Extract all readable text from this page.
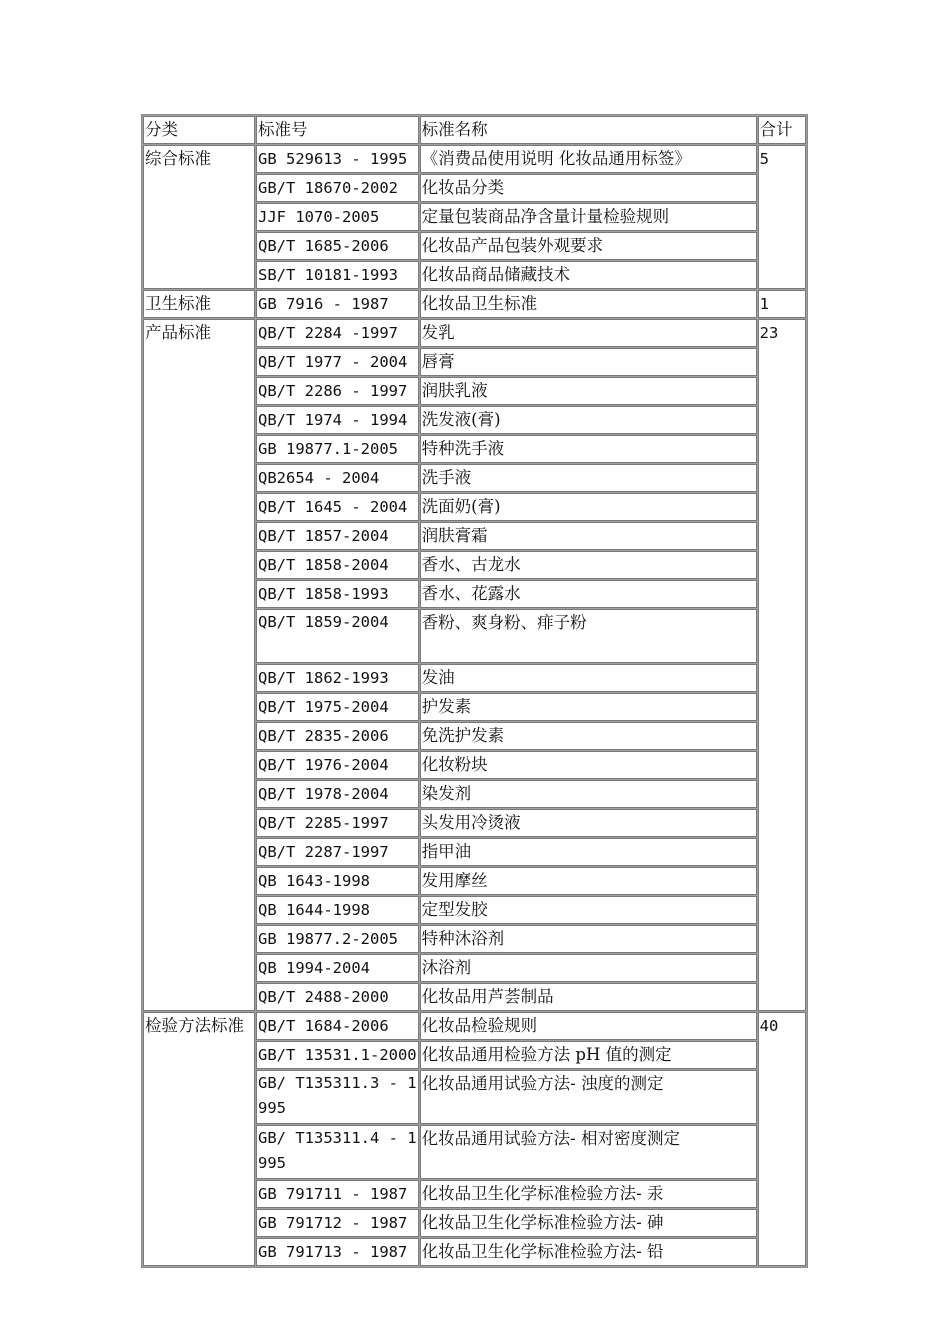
分类	标准号	标准名称	合计
综合标准	GB 529613 - 1995	《消费品使用说明 化妆品通用标签》	5
	GB/T 18670-2002	化妆品分类	
	JJF 1070-2005	定量包装商品净含量计量检验规则	
	QB/T 1685-2006	化妆品产品包装外观要求	
	SB/T 10181-1993	化妆品商品储藏技术	
卫生标准	GB 7916 - 1987	化妆品卫生标准	1
产品标准	QB/T 2284 -1997	发乳	23
	QB/T 1977 - 2004	唇膏	
	QB/T 2286 - 1997	润肤乳液	
	QB/T 1974 - 1994	洗发液(膏)	
	GB 19877.1-2005	特种洗手液	
	QB2654 - 2004	洗手液	
	QB/T 1645 - 2004	洗面奶(膏)	
	QB/T 1857-2004	润肤膏霜	
	QB/T 1858-2004	香水、古龙水	
	QB/T 1858-1993	香水、花露水	
	QB/T 1859-2004	香粉、爽身粉、痱子粉	
	QB/T 1862-1993	发油	
	QB/T 1975-2004	护发素	
	QB/T 2835-2006	免洗护发素	
	QB/T 1976-2004	化妆粉块	
	QB/T 1978-2004	染发剂	
	QB/T 2285-1997	头发用冷烫液	
	QB/T 2287-1997	指甲油	
	QB 1643-1998	发用摩丝	
	QB 1644-1998	定型发胶	
	GB 19877.2-2005	特种沐浴剂	
	QB 1994-2004	沐浴剂	
	QB/T 2488-2000	化妆品用芦荟制品	
检验方法标准	QB/T 1684-2006	化妆品检验规则	40
	GB/T 13531.1-2000	化妆品通用检验方法 pH 值的测定	
	GB/ T135311.3 - 1995	化妆品通用试验方法- 浊度的测定	
	GB/ T135311.4 - 1995	化妆品通用试验方法- 相对密度测定	
	GB 791711 - 1987	化妆品卫生化学标准检验方法- 汞	
	GB 791712 - 1987	化妆品卫生化学标准检验方法- 砷	
	GB 791713 - 1987	化妆品卫生化学标准检验方法- 铅	
